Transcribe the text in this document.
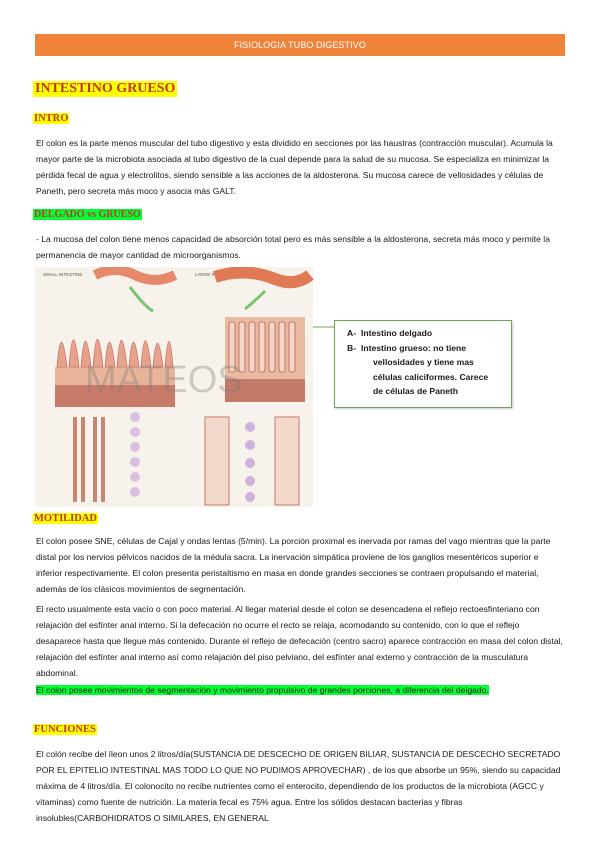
FISIOLOGIA TUBO DIGESTIVO
INTESTINO GRUESO
INTRO

El colon es la parte menos muscular del tubo digestivo y esta dividido en secciones por las haustras (contracción muscular). Acumula la mayor parte de la microbiota asociada al tubo digestivo de la cual depende para la salud de su mucosa. Se especializa en minimizar la pérdida fecal de agua y electrolitos, siendo sensible a las acciones de la aldosterona. Su mucosa carece de vellosidades y células de Paneth, pero secreta más moco y asocia más GALT.

DELGADO vs GRUESO

- La mucosa del colon tiene menos capacidad de absorción total pero es más sensible a la aldosterona, secreta más moco y permite la permanencia de mayor cantidad de microorganismos.

SMALL INTESTINE	LARGE INTESTINE
MATEOS
A- Intestino delgado
B- Intestino grueso: no tiene
vellosidades y tiene mas
células caliciformes. Carece
de células de Paneth
MOTILIDAD

El colon posee SNE, células de Cajal y ondas lentas (5/min). La porción proximal es inervada por ramas del vago mientras que la parte distal por los nervios pélvicos nacidos de la médula sacra. La inervación simpática proviene de los ganglios mesentéricos superior e inferior respectivamente. El colon presenta peristaltismo en masa en donde grandes secciones se contraen propulsando el material, además de los clásicos movimientos de segmentación.

El recto usualmente esta vacío o con poco material. Al llegar material desde el colon se desencadena el reflejo rectoesfinteriano con relajación del esfínter anal interno. Si la defecación no ocurre el recto se relaja, acomodando su contenido, con lo que el reflejo desaparece hasta que llegue más contenido. Durante el reflejo de defecación (centro sacro) aparece contracción en masa del colon distal, relajación del esfínter anal interno así como relajación del piso pelviano, del esfínter anal externo y contracción de la musculatura abdominal.

El colon posee movimientos de segmentación y movimiento propulsivo de grandes porciones, a diferencia del delgado.

FUNCIONES

El colón recibe del íleon unos 2 litros/día(SUSTANCIA DE DESCECHO DE ORIGEN BILIAR, SUSTANCIA DE DESCECHO SECRETADO POR EL EPITELIO INTESTINAL MAS TODO LO QUE NO PUDIMOS APROVECHAR) , de los que absorbe un 95%, siendo su capacidad máxima de 4 litros/día. El colonocito no recibe nutrientes como el enterocito, dependiendo de los productos de la microbiota (AGCC y vitaminas) como fuente de nutrición. La materia fecal es 75% agua. Entre los sólidos destacan bacterias y fibras insolubles(CARBOHIDRATOS O SIMILARES, EN GENERAL
